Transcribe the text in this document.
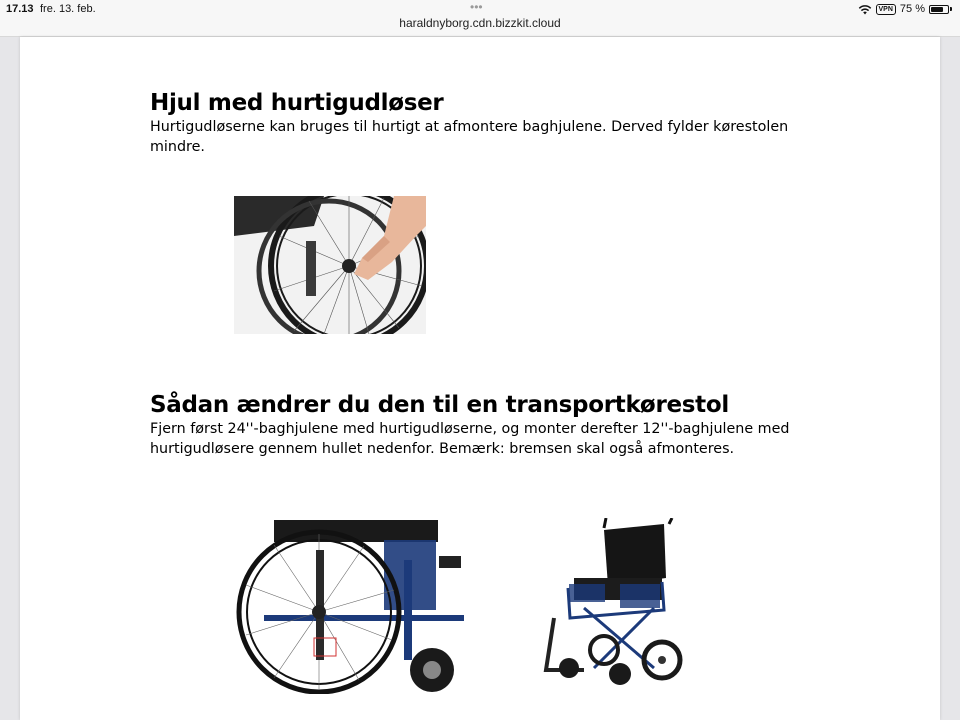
17.13 fre. 13. feb.	•••
haraldnyborg.cdn.bizzkit.cloud
VPN 75 %
Hjul med hurtigudløser

Hurtigudløserne kan bruges til hurtigt at afmontere baghjulene. Derved fylder kørestolen mindre.

Sådan ændrer du den til en transportkørestol

Fjern først 24''-baghjulene med hurtigudløserne, og monter derefter 12''-baghjulene med hurtigudløsere gennem hullet nedenfor. Bemærk: bremsen skal også afmonteres.
